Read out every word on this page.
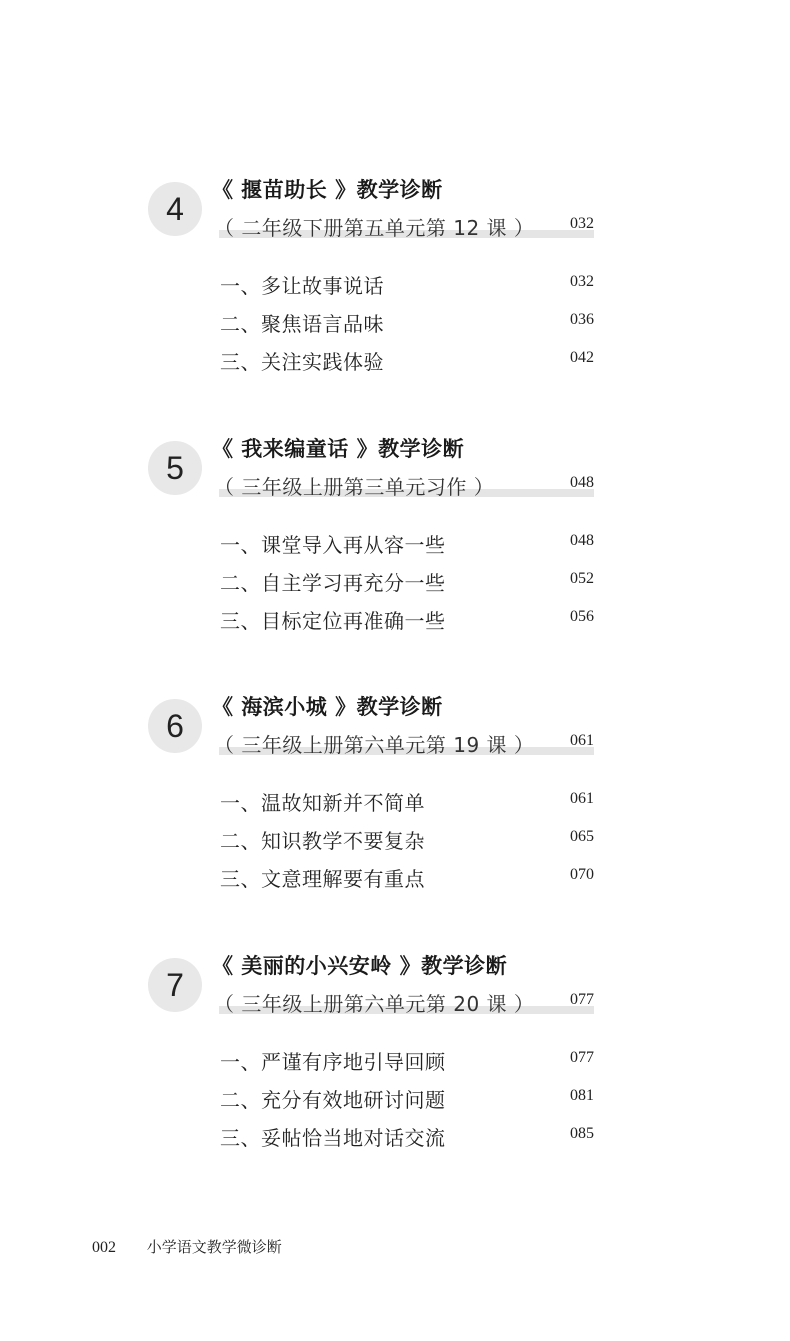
4
《 揠苗助长 》教学诊断
（ 二年级下册第五单元第 12 课 ）	032
一、多让故事说话	032
二、聚焦语言品味	036
三、关注实践体验	042
5
《 我来编童话 》教学诊断
（ 三年级上册第三单元习作 ）	048
一、课堂导入再从容一些	048
二、自主学习再充分一些	052
三、目标定位再准确一些	056
6
《 海滨小城 》教学诊断
（ 三年级上册第六单元第 19 课 ）	061
一、温故知新并不简单	061
二、知识教学不要复杂	065
三、文意理解要有重点	070
7
《 美丽的小兴安岭 》教学诊断
（ 三年级上册第六单元第 20 课 ）	077
一、严谨有序地引导回顾	077
二、充分有效地研讨问题	081
三、妥帖恰当地对话交流	085
002 小学语文教学微诊断
